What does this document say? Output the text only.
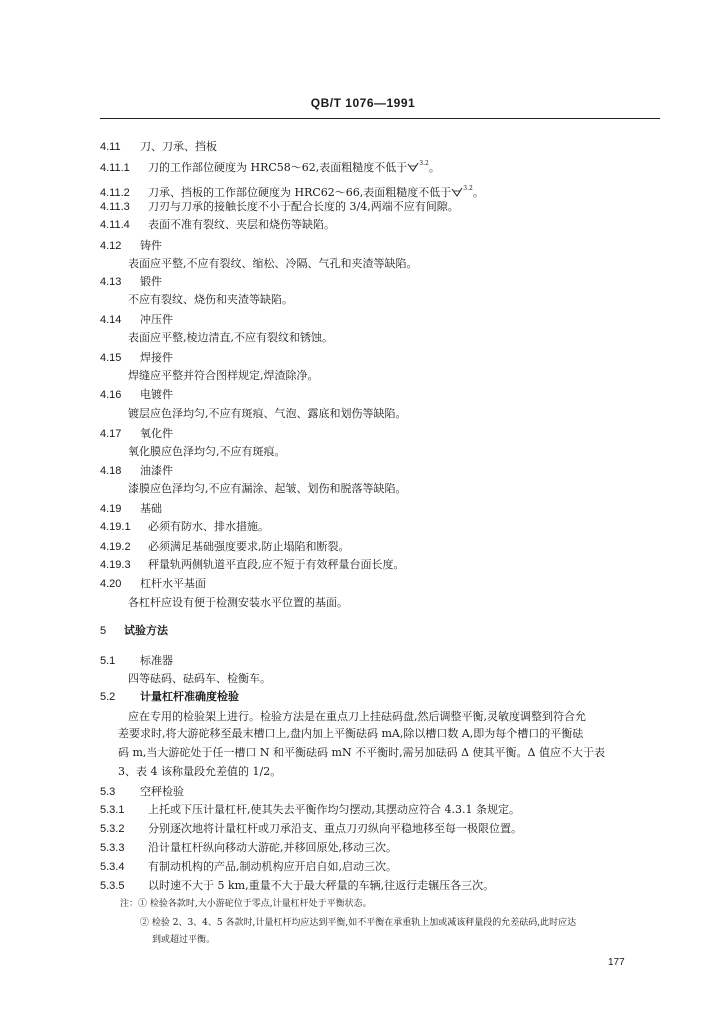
QB/T 1076—1991
4.11 刀、刀承、挡板
4.11.1 刀的工作部位硬度为 HRC58～62,表面粗糙度不低于 $^{3.2}$。
4.11.2 刀承、挡板的工作部位硬度为 HRC62～66,表面粗糙度不低于 $^{3.2}$。
4.11.3 刀刃与刀承的接触长度不小于配合长度的 3/4,两端不应有间隙。
4.11.4 表面不准有裂纹、夹层和烧伤等缺陷。
4.12 铸件
表面应平整,不应有裂纹、缩松、冷隔、气孔和夹渣等缺陷。
4.13 锻件
不应有裂纹、烧伤和夹渣等缺陷。
4.14 冲压件
表面应平整,棱边清直,不应有裂纹和锈蚀。
4.15 焊接件
焊缝应平整并符合图样规定,焊渣除净。
4.16 电镀件
镀层应色泽均匀,不应有斑痕、气泡、露底和划伤等缺陷。
4.17 氧化件
氧化膜应色泽均匀,不应有斑痕。
4.18 油漆件
漆膜应色泽均匀,不应有漏涂、起皱、划伤和脱落等缺陷。
4.19 基础
4.19.1 必须有防水、排水措施。
4.19.2 必须满足基础强度要求,防止塌陷和断裂。
4.19.3 秤量轨两侧轨道平直段,应不短于有效秤量台面长度。
4.20 杠杆水平基面
各杠杆应设有便于检测安装水平位置的基面。
5 试验方法
5.1 标准器
四等砝码、砝码车、检衡车。
5.2 计量杠杆准确度检验
应在专用的检验架上进行。检验方法是在重点刀上挂砝码盘,然后调整平衡,灵敏度调整到符合允
差要求时,将大游砣移至最末槽口上,盘内加上平衡砝码 mA,除以槽口数 A,即为每个槽口的平衡砝
码 m,当大游砣处于任一槽口 N 和平衡砝码 mN 不平衡时,需另加砝码 Δ 使其平衡。Δ 值应不大于表
3、表 4 该称量段允差值的 1/2。
5.3 空秤检验
5.3.1 上托或下压计量杠杆,使其失去平衡作均匀摆动,其摆动应符合 4.3.1 条规定。
5.3.2 分别逐次地将计量杠杆或刀承沿支、重点刀刃纵向平稳地移至每一极限位置。
5.3.3 沿计量杠杆纵向移动大游砣,并移回原处,移动三次。
5.3.4 有制动机构的产品,制动机构应开启自如,启动三次。
5.3.5 以时速不大于 5 km,重量不大于最大秤量的车辆,往返行走辗压各三次。
注：① 检验各款时,大小游砣位于零点,计量杠杆处于平衡状态。
② 检验 2、3、4、5 各款时,计量杠杆均应达到平衡,如不平衡在承重轨上加或减该秤量段的允差砝码,此时应达
到或超过平衡。
177
